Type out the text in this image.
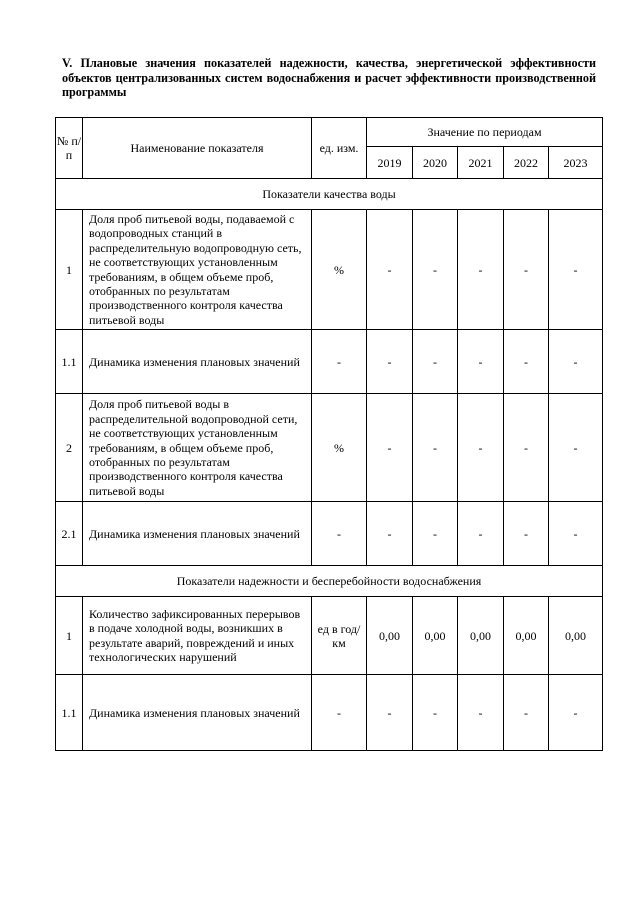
V. Плановые значения показателей надежности, качества, энергетической эффективности объектов централизованных систем водоснабжения и расчет эффективности производственной программы
№ п/ п	Наименование показателя	ед. изм.	Значение по периодам				
			2019	2020	2021	2022	2023
Показатели качества воды							
1	Доля проб питьевой воды, подаваемой с водопроводных станций в распределительную водопроводную сеть, не соответствующих установленным требованиям, в общем объеме проб, отобранных по результатам производственного контроля качества питьевой воды	%	-	-	-	-	-
1.1	Динамика изменения плановых значений	-	-	-	-	-	-
2	Доля проб питьевой воды в распределительной водопроводной сети, не соответствующих установленным требованиям, в общем объеме проб, отобранных по результатам производственного контроля качества питьевой воды	%	-	-	-	-	-
2.1	Динамика изменения плановых значений	-	-	-	-	-	-
Показатели надежности и бесперебойности водоснабжения							
1	Количество зафиксированных перерывов в подаче холодной воды, возникших в результате аварий, повреждений и иных технологических нарушений	ед в год/ км	0,00	0,00	0,00	0,00	0,00
1.1	Динамика изменения плановых значений	-	-	-	-	-	-
